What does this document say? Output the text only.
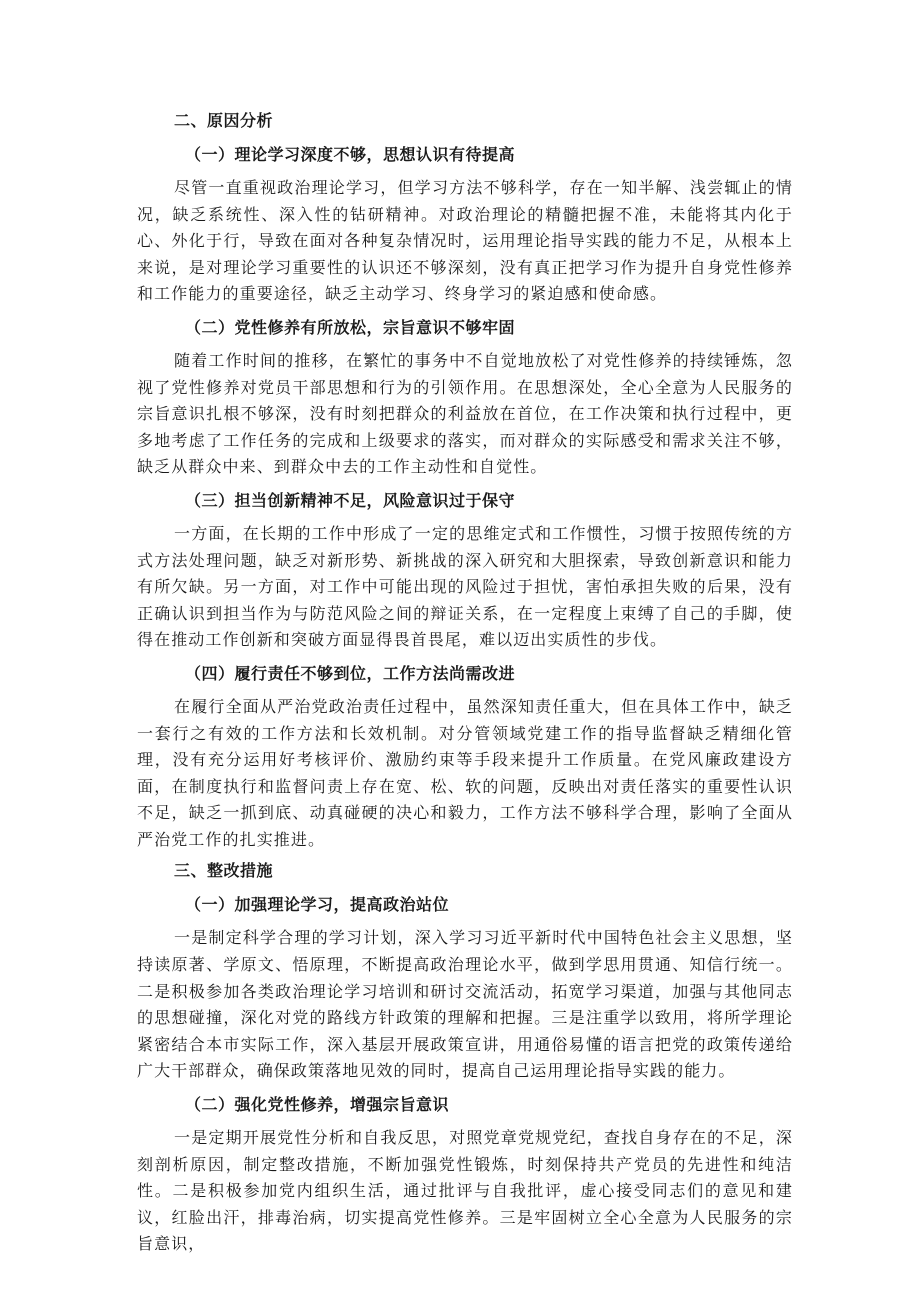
二、原因分析
（一）理论学习深度不够，思想认识有待提高
尽管一直重视政治理论学习，但学习方法不够科学，存在一知半解、浅尝辄止的情况，缺乏系统性、深入性的钻研精神。对政治理论的精髓把握不准，未能将其内化于心、外化于行，导致在面对各种复杂情况时，运用理论指导实践的能力不足，从根本上来说，是对理论学习重要性的认识还不够深刻，没有真正把学习作为提升自身党性修养和工作能力的重要途径，缺乏主动学习、终身学习的紧迫感和使命感。
（二）党性修养有所放松，宗旨意识不够牢固
随着工作时间的推移，在繁忙的事务中不自觉地放松了对党性修养的持续锤炼，忽视了党性修养对党员干部思想和行为的引领作用。在思想深处，全心全意为人民服务的宗旨意识扎根不够深，没有时刻把群众的利益放在首位，在工作决策和执行过程中，更多地考虑了工作任务的完成和上级要求的落实，而对群众的实际感受和需求关注不够，缺乏从群众中来、到群众中去的工作主动性和自觉性。
（三）担当创新精神不足，风险意识过于保守
一方面，在长期的工作中形成了一定的思维定式和工作惯性，习惯于按照传统的方式方法处理问题，缺乏对新形势、新挑战的深入研究和大胆探索，导致创新意识和能力有所欠缺。另一方面，对工作中可能出现的风险过于担忧，害怕承担失败的后果，没有正确认识到担当作为与防范风险之间的辩证关系，在一定程度上束缚了自己的手脚，使得在推动工作创新和突破方面显得畏首畏尾，难以迈出实质性的步伐。
（四）履行责任不够到位，工作方法尚需改进
在履行全面从严治党政治责任过程中，虽然深知责任重大，但在具体工作中，缺乏一套行之有效的工作方法和长效机制。对分管领域党建工作的指导监督缺乏精细化管理，没有充分运用好考核评价、激励约束等手段来提升工作质量。在党风廉政建设方面，在制度执行和监督问责上存在宽、松、软的问题，反映出对责任落实的重要性认识不足，缺乏一抓到底、动真碰硬的决心和毅力，工作方法不够科学合理，影响了全面从严治党工作的扎实推进。
三、整改措施
（一）加强理论学习，提高政治站位
一是制定科学合理的学习计划，深入学习习近平新时代中国特色社会主义思想，坚持读原著、学原文、悟原理，不断提高政治理论水平，做到学思用贯通、知信行统一。二是积极参加各类政治理论学习培训和研讨交流活动，拓宽学习渠道，加强与其他同志的思想碰撞，深化对党的路线方针政策的理解和把握。三是注重学以致用，将所学理论紧密结合本市实际工作，深入基层开展政策宣讲，用通俗易懂的语言把党的政策传递给广大干部群众，确保政策落地见效的同时，提高自己运用理论指导实践的能力。
（二）强化党性修养，增强宗旨意识
一是定期开展党性分析和自我反思，对照党章党规党纪，查找自身存在的不足，深刻剖析原因，制定整改措施，不断加强党性锻炼，时刻保持共产党员的先进性和纯洁性。二是积极参加党内组织生活，通过批评与自我批评，虚心接受同志们的意见和建议，红脸出汗，排毒治病，切实提高党性修养。三是牢固树立全心全意为人民服务的宗旨意识，
